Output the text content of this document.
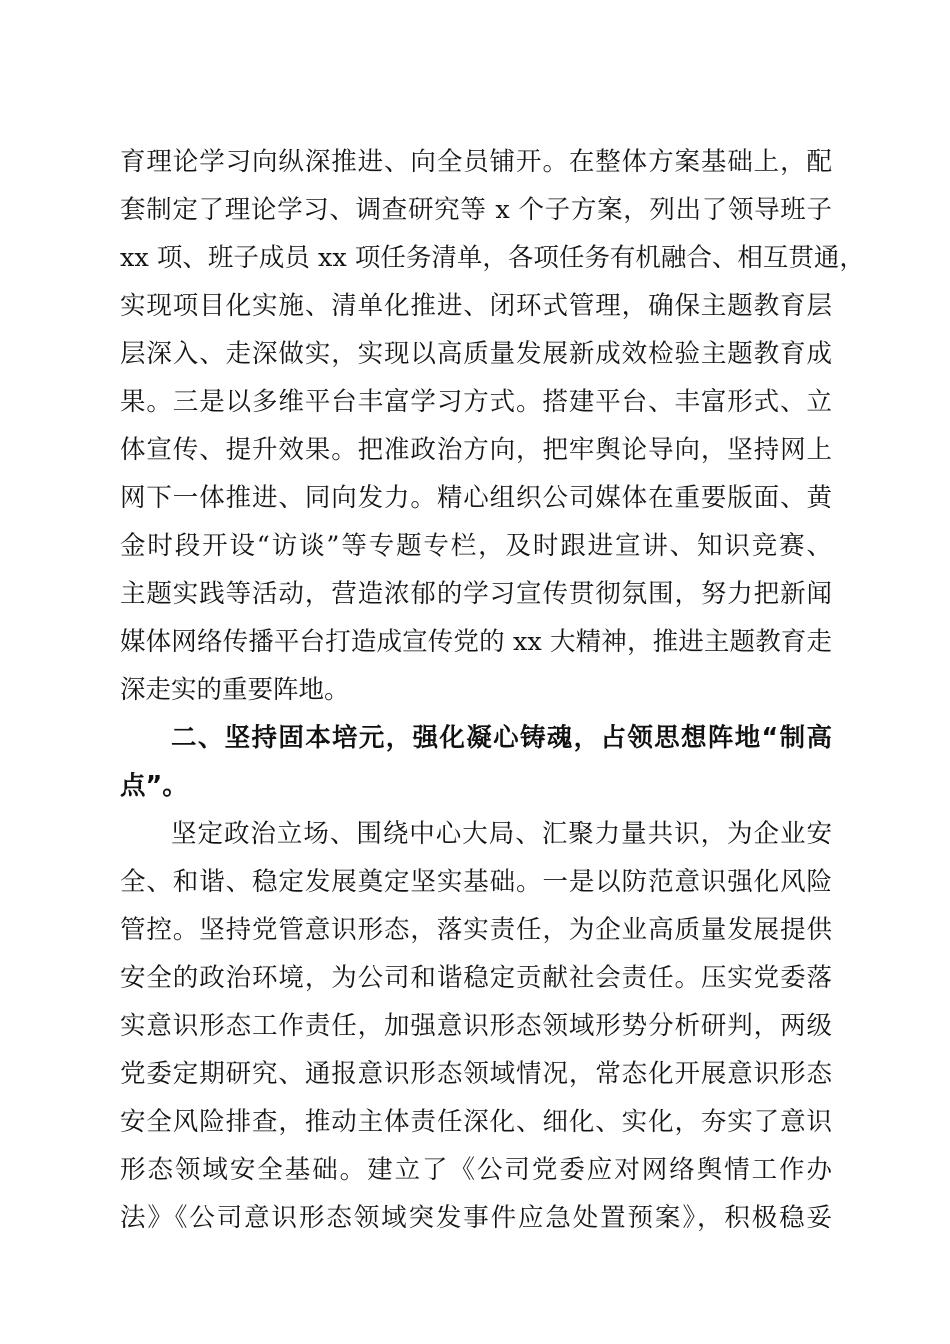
育理论学习向纵深推进、向全员铺开。在整体方案基础上，配
套制定了理论学习、调查研究等 x 个子方案，列出了领导班子
xx 项、班子成员 xx 项任务清单，各项任务有机融合、相互贯通，
实现项目化实施、清单化推进、闭环式管理，确保主题教育层
层深入、走深做实，实现以高质量发展新成效检验主题教育成
果。三是以多维平台丰富学习方式。搭建平台、丰富形式、立
体宣传、提升效果。把准政治方向，把牢舆论导向，坚持网上
网下一体推进、同向发力。精心组织公司媒体在重要版面、黄
金时段开设“访谈”等专题专栏，及时跟进宣讲、知识竞赛、
主题实践等活动，营造浓郁的学习宣传贯彻氛围，努力把新闻
媒体网络传播平台打造成宣传党的 xx 大精神，推进主题教育走
深走实的重要阵地。
二、坚持固本培元，强化凝心铸魂，占领思想阵地“制高
点”。
坚定政治立场、围绕中心大局、汇聚力量共识，为企业安
全、和谐、稳定发展奠定坚实基础。一是以防范意识强化风险
管控。坚持党管意识形态，落实责任，为企业高质量发展提供
安全的政治环境，为公司和谐稳定贡献社会责任。压实党委落
实意识形态工作责任，加强意识形态领域形势分析研判，两级
党委定期研究、通报意识形态领域情况，常态化开展意识形态
安全风险排查，推动主体责任深化、细化、实化，夯实了意识
形态领域安全基础。建立了《公司党委应对网络舆情工作办
法》《公司意识形态领域突发事件应急处置预案》，积极稳妥
